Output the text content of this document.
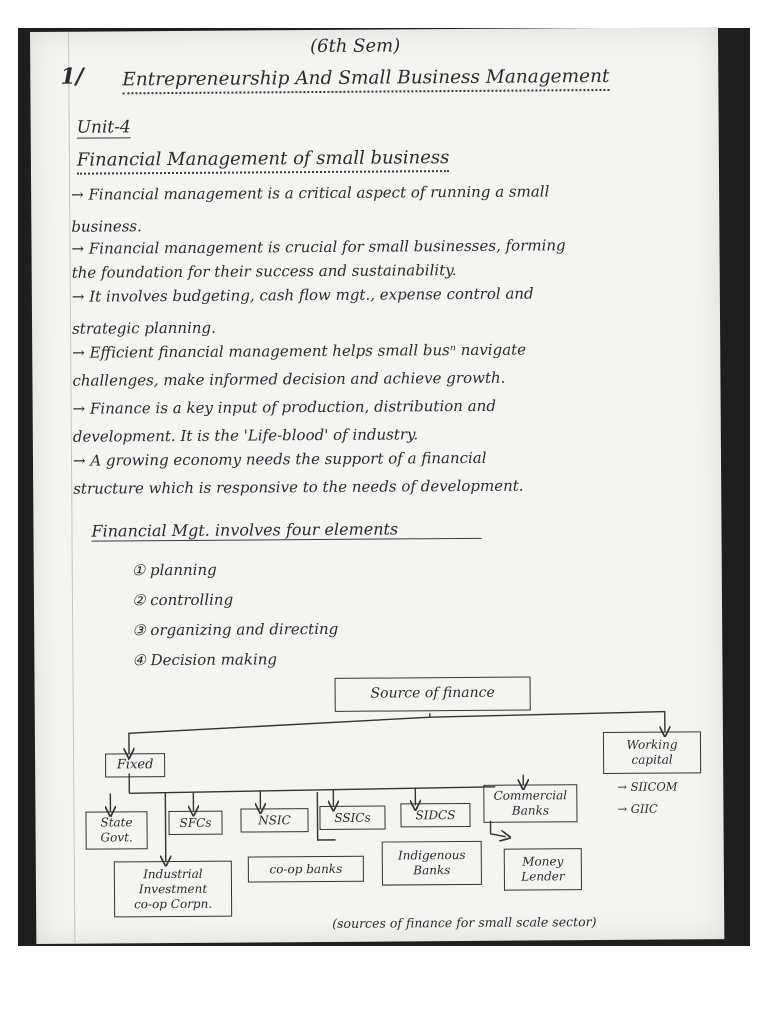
(6th Sem)
1/ Entrepreneurship And Small Business Management
Unit-4
Financial Management of small business
→ Financial management is a critical aspect of running a small
business.
→ Financial management is crucial for small businesses, forming
the foundation for their success and sustainability.
→ It involves budgeting, cash flow mgt., expense control and
strategic planning.
→ Efficient financial management helps small busⁿ navigate
challenges, make informed decision and achieve growth.
→ Finance is a key input of production, distribution and
development. It is the 'Life-blood' of industry.
→ A growing economy needs the support of a financial
structure which is responsive to the needs of development.
Financial Mgt. involves four elements
① planning
② controlling
③ organizing and directing
④ Decision making
Source of finance
Fixed
Working
capital
→ SIICOM
→ GIIC
State
Govt.
SFCs	NSIC	SSICs	SIDCS
Commercial
Banks
Industrial
Investment
co-op Corpn.
co-op banks
Indigenous
Banks
Money
Lender
(sources of finance for small scale sector)
